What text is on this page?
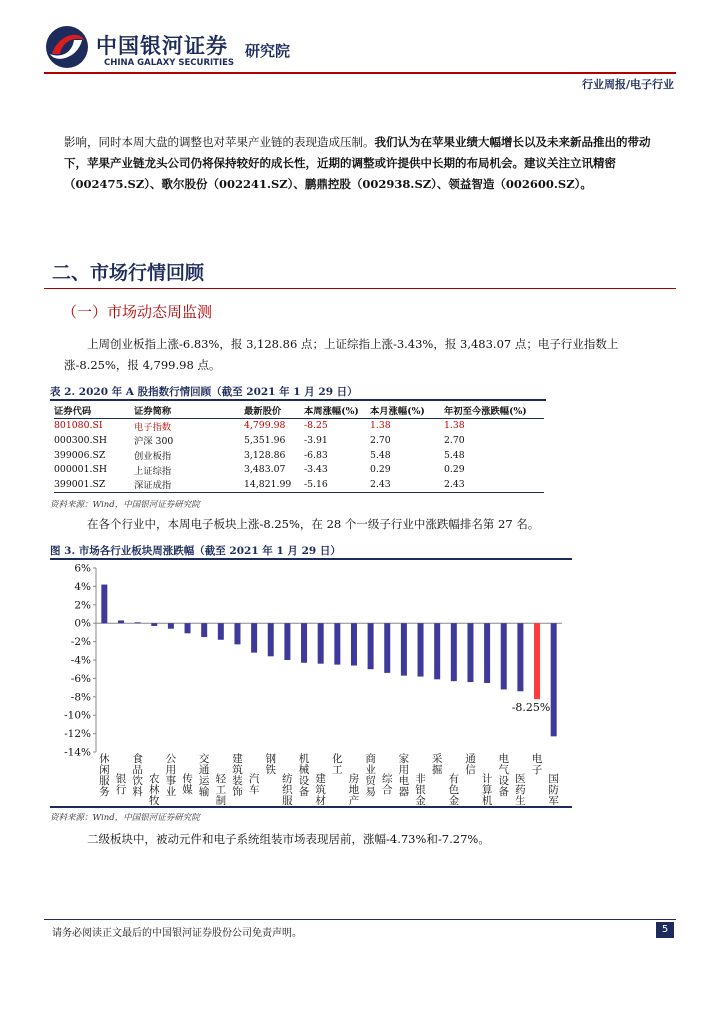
中国银河证券
CHINA GALAXY SECURITIES
研究院
行业周报/电子行业
影响，同时本周大盘的调整也对苹果产业链的表现造成压制。我们认为在苹果业绩大幅增长以及未来新品推出的带动下，苹果产业链龙头公司仍将保持较好的成长性，近期的调整或许提供中长期的布局机会。建议关注立讯精密（002475.SZ）、歌尔股份（002241.SZ）、鹏鼎控股（002938.SZ）、领益智造（002600.SZ）。
二、市场行情回顾
（一）市场动态周监测
上周创业板指上涨-6.83%，报 3,128.86 点；上证综指上涨-3.43%，报 3,483.07 点；电子行业指数上涨-8.25%，报 4,799.98 点。
表 2. 2020 年 A 股指数行情回顾（截至 2021 年 1 月 29 日）
证券代码	证券简称	最新股价	本周涨幅(%)	本月涨幅(%)	年初至今涨跌幅(%)
801080.SI	电子指数	4,799.98	-8.25	1.38	1.38
000300.SH	沪深 300	5,351.96	-3.91	2.70	2.70
399006.SZ	创业板指	3,128.86	-6.83	5.48	5.48
000001.SH	上证综指	3,483.07	-3.43	0.29	0.29
399001.SZ	深证成指	14,821.99	-5.16	2.43	2.43
资料来源：Wind，中国银河证券研究院
在各个行业中，本周电子板块上涨-8.25%，在 28 个一级子行业中涨跌幅排名第 27 名。
图 3. 市场各行业板块周涨跌幅（截至 2021 年 1 月 29 日）
6%
4%
2%
0%
-2%
-4%
-6%
-8%
-10%
-12%
-14%
休闲服务
银行
食品饮料
农林牧
公用事业
传媒
交通运输
轻工制
建筑装饰
汽车
钢铁
纺织服
机械设备
建筑材
化工
房地产
商业贸易
综合
家用电器
非银金
采掘
有色金
通信
计算机
电气设备
医药生
电子
-8.25%
国防军
资料来源：Wind，中国银河证券研究院
二级板块中，被动元件和电子系统组装市场表现居前，涨幅-4.73%和-7.27%。
请务必阅读正文最后的中国银河证券股份公司免责声明。	5
